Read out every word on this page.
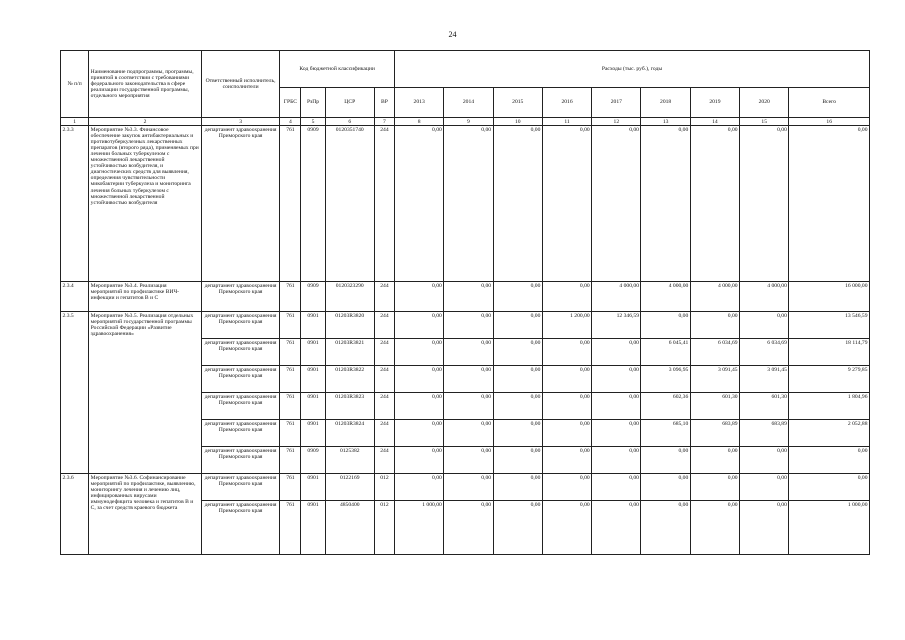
24
№ п/п	Наименование подпрограммы, программы, принятой в соответствии с требованиями федерального законодательства в сфере реализации государственной программы, отдельного мероприятия	Ответственный исполнитель, соисполнители	Код бюджетной классификации				Расходы (тыс. руб.), годы								
			ГРБС	РзПр	ЦСР	ВР	2013	2014	2015	2016	2017	2018	2019	2020	Всего
1	2	3	4	5	6	7	8	9	10	11	12	13	14	15	16
2.3.3	Мероприятие №3.3. Финансовое обеспечение закупок антибактериальных и противотуберкулезных лекарственных препаратов (второго ряда), применяемых при лечении больных туберкулезом с множественной лекарственной устойчивостью возбудителя, и диагностических средств для выявления, определения чувствительности микобактерии туберкулеза и мониторинга лечения больных туберкулезом с множественной лекарственной устойчивостью возбудителя	департамент здравоохранения Приморского края	761	0909	0120351740	244	0,00	0,00	0,00	0,00	0,00	0,00	0,00	0,00	0,00
2.3.4	Мероприятие №3.4. Реализация мероприятий по профилактике ВИЧ-инфекции и гепатитов В и С	департамент здравоохранения Приморского края	761	0909	0120323290	244	0,00	0,00	0,00	0,00	4 000,00	4 000,00	4 000,00	4 000,00	16 000,00
2.3.5	Мероприятие №3.5. Реализация отдельных мероприятий государственной программы Российской Федерации «Развитие здравоохранения»	департамент здравоохранения Приморского края	761	0901	01203R3820	244	0,00	0,00	0,00	1 200,00	12 346,59	0,00	0,00	0,00	13 546,59
		департамент здравоохранения Приморского края	761	0901	01203R3821	244	0,00	0,00	0,00	0,00	0,00	6 045,41	6 034,69	6 034,69	18 114,79
		департамент здравоохранения Приморского края	761	0901	01203R3822	244	0,00	0,00	0,00	0,00	0,00	3 096,95	3 091,45	3 091,45	9 279,85
		департамент здравоохранения Приморского края	761	0901	01203R3823	244	0,00	0,00	0,00	0,00	0,00	602,36	601,30	601,30	1 804,96
		департамент здравоохранения Приморского края	761	0901	01203R3824	244	0,00	0,00	0,00	0,00	0,00	685,10	683,89	683,89	2 052,88
		департамент здравоохранения Приморского края	761	0909	0125382	244	0,00	0,00	0,00	0,00	0,00	0,00	0,00	0,00	0,00
2.3.6	Мероприятие №3.6. Софинансирование мероприятий по профилактике, выявлению, мониторингу лечения и лечению лиц, инфицированных вирусами иммунодефицита человека и гепатитов В и С, за счет средств краевого бюджета	департамент здравоохранения Приморского края	761	0901	0122169	012	0,00	0,00	0,00	0,00	0,00	0,00	0,00	0,00	0,00
		департамент здравоохранения Приморского края	761	0901	4850400	012	1 000,00	0,00	0,00	0,00	0,00	0,00	0,00	0,00	1 000,00
